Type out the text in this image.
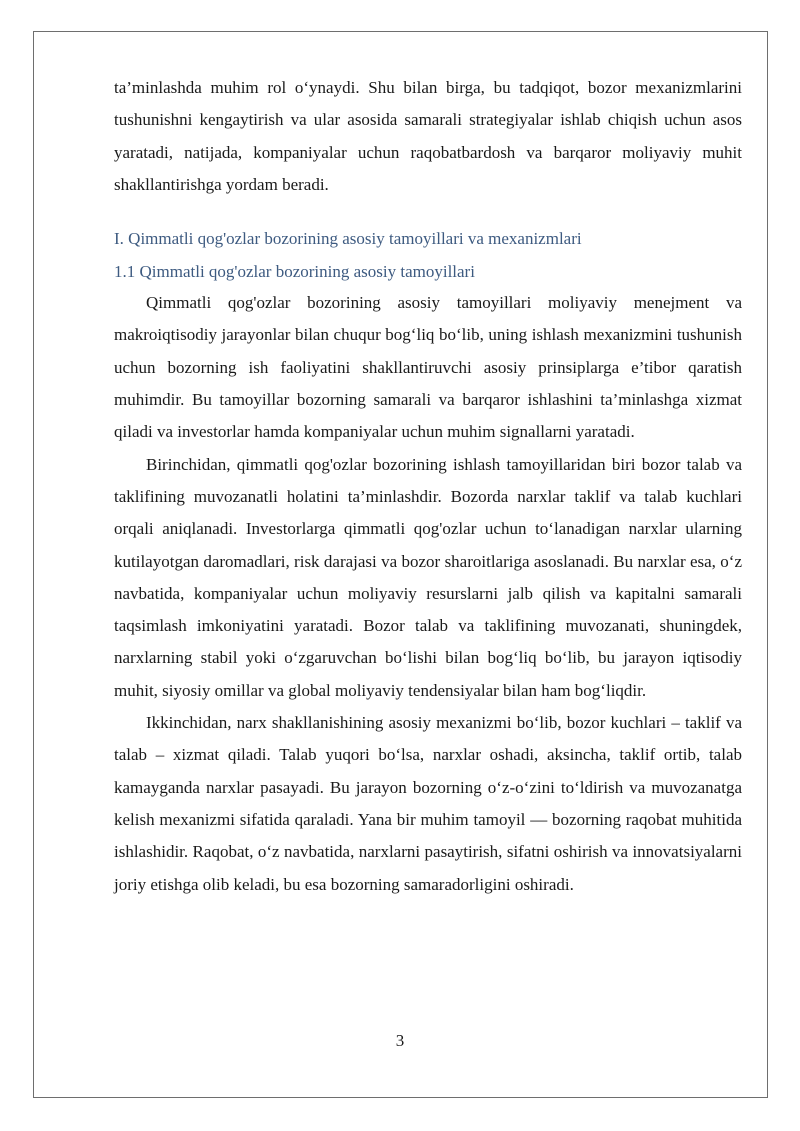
ta’minlashda muhim rol o‘ynaydi. Shu bilan birga, bu tadqiqot, bozor mexanizmlarini tushunishni kengaytirish va ular asosida samarali strategiyalar ishlab chiqish uchun asos yaratadi, natijada, kompaniyalar uchun raqobatbardosh va barqaror moliyaviy muhit shakllantirishga yordam beradi.

I. Qimmatli qog'ozlar bozorining asosiy tamoyillari va mexanizmlari
1.1 Qimmatli qog'ozlar bozorining asosiy tamoyillari

Qimmatli qog'ozlar bozorining asosiy tamoyillari moliyaviy menejment va makroiqtisodiy jarayonlar bilan chuqur bog‘liq bo‘lib, uning ishlash mexanizmini tushunish uchun bozorning ish faoliyatini shakllantiruvchi asosiy prinsiplarga e’tibor qaratish muhimdir. Bu tamoyillar bozorning samarali va barqaror ishlashini ta’minlashga xizmat qiladi va investorlar hamda kompaniyalar uchun muhim signallarni yaratadi.

Birinchidan, qimmatli qog'ozlar bozorining ishlash tamoyillaridan biri bozor talab va taklifining muvozanatli holatini ta’minlashdir. Bozorda narxlar taklif va talab kuchlari orqali aniqlanadi. Investorlarga qimmatli qog'ozlar uchun to‘lanadigan narxlar ularning kutilayotgan daromadlari, risk darajasi va bozor sharoitlariga asoslanadi. Bu narxlar esa, o‘z navbatida, kompaniyalar uchun moliyaviy resurslarni jalb qilish va kapitalni samarali taqsimlash imkoniyatini yaratadi. Bozor talab va taklifining muvozanati, shuningdek, narxlarning stabil yoki o‘zgaruvchan bo‘lishi bilan bog‘liq bo‘lib, bu jarayon iqtisodiy muhit, siyosiy omillar va global moliyaviy tendensiyalar bilan ham bog‘liqdir.

Ikkinchidan, narx shakllanishining asosiy mexanizmi bo‘lib, bozor kuchlari – taklif va talab – xizmat qiladi. Talab yuqori bo‘lsa, narxlar oshadi, aksincha, taklif ortib, talab kamayganda narxlar pasayadi. Bu jarayon bozorning o‘z-o‘zini to‘ldirish va muvozanatga kelish mexanizmi sifatida qaraladi. Yana bir muhim tamoyil — bozorning raqobat muhitida ishlashidir. Raqobat, o‘z navbatida, narxlarni pasaytirish, sifatni oshirish va innovatsiyalarni joriy etishga olib keladi, bu esa bozorning samaradorligini oshiradi.

3
